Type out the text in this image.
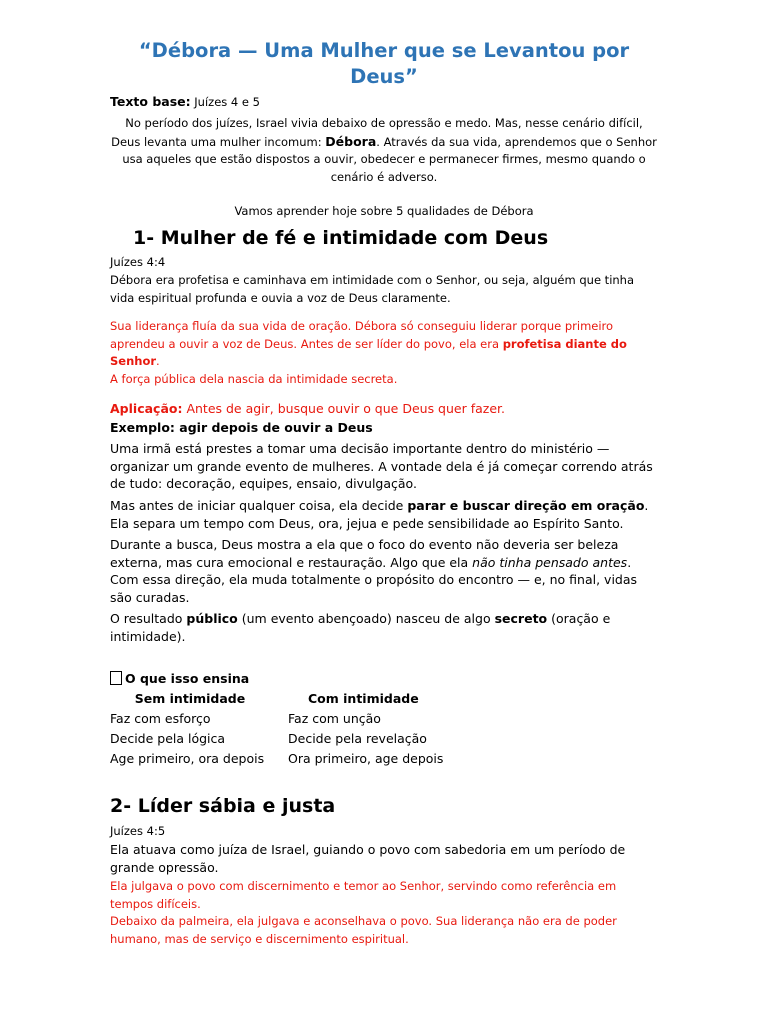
“Débora — Uma Mulher que se Levantou por Deus”

Texto base: Juízes 4 e 5

No período dos juízes, Israel vivia debaixo de opressão e medo. Mas, nesse cenário difícil, Deus levanta uma mulher incomum: Débora. Através da sua vida, aprendemos que o Senhor usa aqueles que estão dispostos a ouvir, obedecer e permanecer firmes, mesmo quando o cenário é adverso.

Vamos aprender hoje sobre 5 qualidades de Débora

1- Mulher de fé e intimidade com Deus

Juízes 4:4

Débora era profetisa e caminhava em intimidade com o Senhor, ou seja, alguém que tinha vida espiritual profunda e ouvia a voz de Deus claramente.

Sua liderança fluía da sua vida de oração. Débora só conseguiu liderar porque primeiro aprendeu a ouvir a voz de Deus. Antes de ser líder do povo, ela era profetisa diante do Senhor.

A força pública dela nascia da intimidade secreta.

Aplicação: Antes de agir, busque ouvir o que Deus quer fazer.

Exemplo: agir depois de ouvir a Deus

Uma irmã está prestes a tomar uma decisão importante dentro do ministério — organizar um grande evento de mulheres. A vontade dela é já começar correndo atrás de tudo: decoração, equipes, ensaio, divulgação.

Mas antes de iniciar qualquer coisa, ela decide parar e buscar direção em oração. Ela separa um tempo com Deus, ora, jejua e pede sensibilidade ao Espírito Santo.

Durante a busca, Deus mostra a ela que o foco do evento não deveria ser beleza externa, mas cura emocional e restauração. Algo que ela não tinha pensado antes. Com essa direção, ela muda totalmente o propósito do encontro — e, no final, vidas são curadas.

O resultado público (um evento abençoado) nasceu de algo secreto (oração e intimidade).

O que isso ensina

Sem intimidade
Faz com esforço
Decide pela lógica
Age primeiro, ora depois
Com intimidade
Faz com unção
Decide pela revelação
Ora primeiro, age depois
2- Líder sábia e justa

Juízes 4:5

Ela atuava como juíza de Israel, guiando o povo com sabedoria em um período de grande opressão.

Ela julgava o povo com discernimento e temor ao Senhor, servindo como referência em tempos difíceis.

Debaixo da palmeira, ela julgava e aconselhava o povo. Sua liderança não era de poder humano, mas de serviço e discernimento espiritual.
